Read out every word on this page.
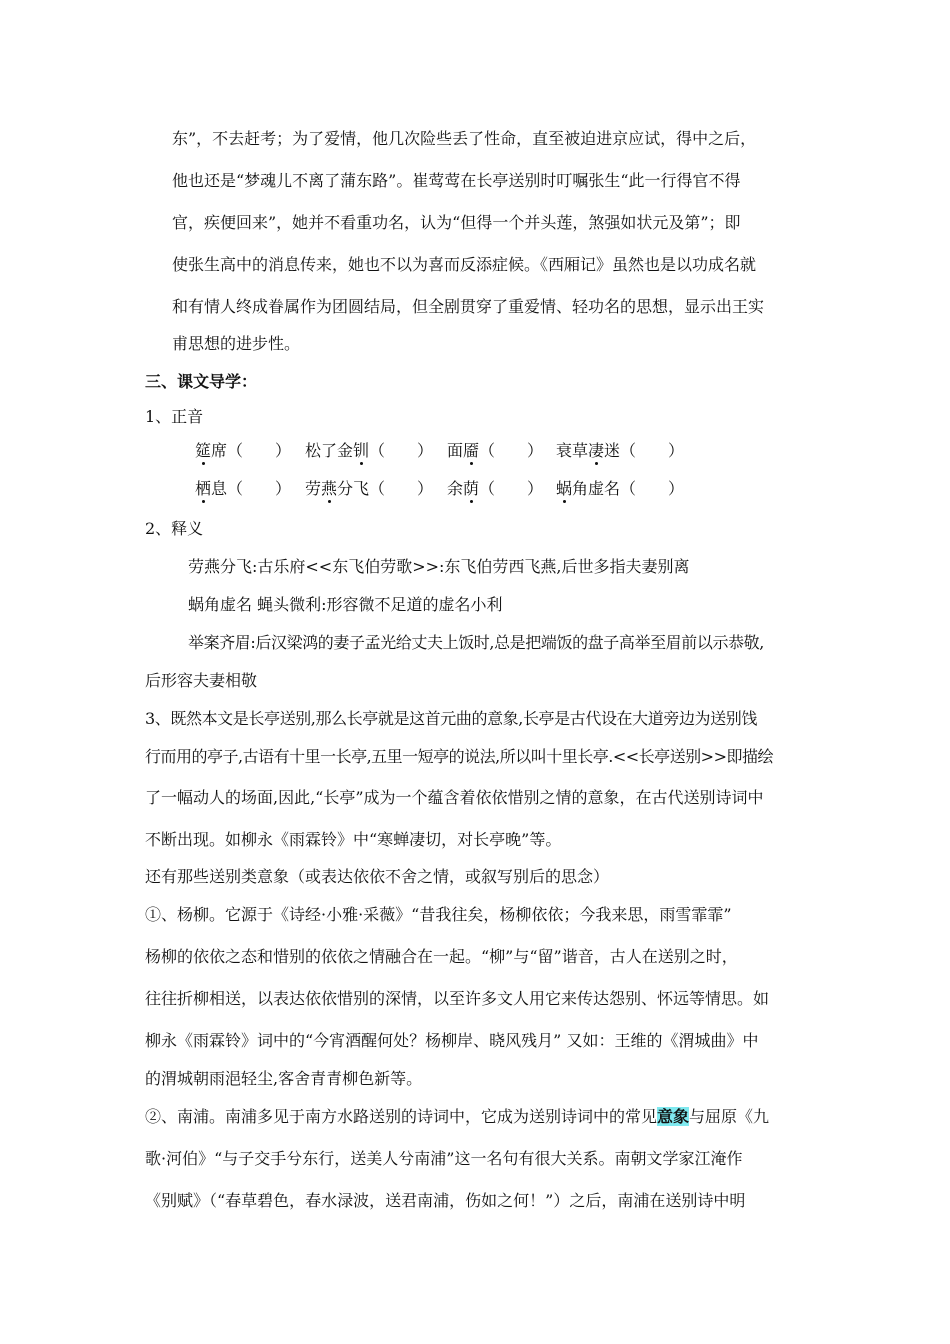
东”，不去赶考；为了爱情，他几次险些丢了性命，直至被迫进京应试，得中之后，
他也还是“梦魂儿不离了蒲东路”。崔莺莺在长亭送别时叮嘱张生“此一行得官不得
官，疾便回来”，她并不看重功名，认为“但得一个并头莲，煞强如状元及第”；即
使张生高中的消息传来，她也不以为喜而反添症候。《西厢记》虽然也是以功成名就
和有情人终成眷属作为团圆结局，但全剧贯穿了重爱情、轻功名的思想，显示出王实
甫思想的进步性。
三、课文导学：
1、正音
筵席（　　） 松了金钏（　　） 面靥（　　） 衰草凄迷（　　）
栖息（　　） 劳燕分飞（　　） 余荫（　　） 蜗角虚名（　　）
2、释义
劳燕分飞:古乐府<<东飞伯劳歌>>:东飞伯劳西飞燕,后世多指夫妻别离
蜗角虚名 蝇头微利:形容微不足道的虚名小利
举案齐眉:后汉梁鸿的妻子孟光给丈夫上饭时,总是把端饭的盘子高举至眉前以示恭敬,
后形容夫妻相敬
3、既然本文是长亭送别,那么长亭就是这首元曲的意象,长亭是古代设在大道旁边为送别饯
行而用的亭子,古语有十里一长亭,五里一短亭的说法,所以叫十里长亭.<<长亭送别>>即描绘
了一幅动人的场面,因此,“长亭”成为一个蕴含着依依惜别之情的意象，在古代送别诗词中
不断出现。如柳永《雨霖铃》中“寒蝉凄切，对长亭晚”等。
还有那些送别类意象（或表达依依不舍之情，或叙写别后的思念）
①、杨柳。它源于《诗经·小雅·采薇》“昔我往矣，杨柳依依；今我来思，雨雪霏霏”
杨柳的依依之态和惜别的依依之情融合在一起。“柳”与“留”谐音，古人在送别之时，
往往折柳相送，以表达依依惜别的深情，以至许多文人用它来传达怨别、怀远等情思。如
柳永《雨霖铃》词中的“今宵酒醒何处？杨柳岸、晓风残月” 又如：王维的《渭城曲》中
的渭城朝雨浥轻尘,客舍青青柳色新等。
②、南浦。南浦多见于南方水路送别的诗词中，它成为送别诗词中的常见意象与屈原《九
歌·河伯》“与子交手兮东行，送美人兮南浦”这一名句有很大关系。南朝文学家江淹作
《别赋》（“春草碧色，春水渌波，送君南浦，伤如之何！”）之后，南浦在送别诗中明
